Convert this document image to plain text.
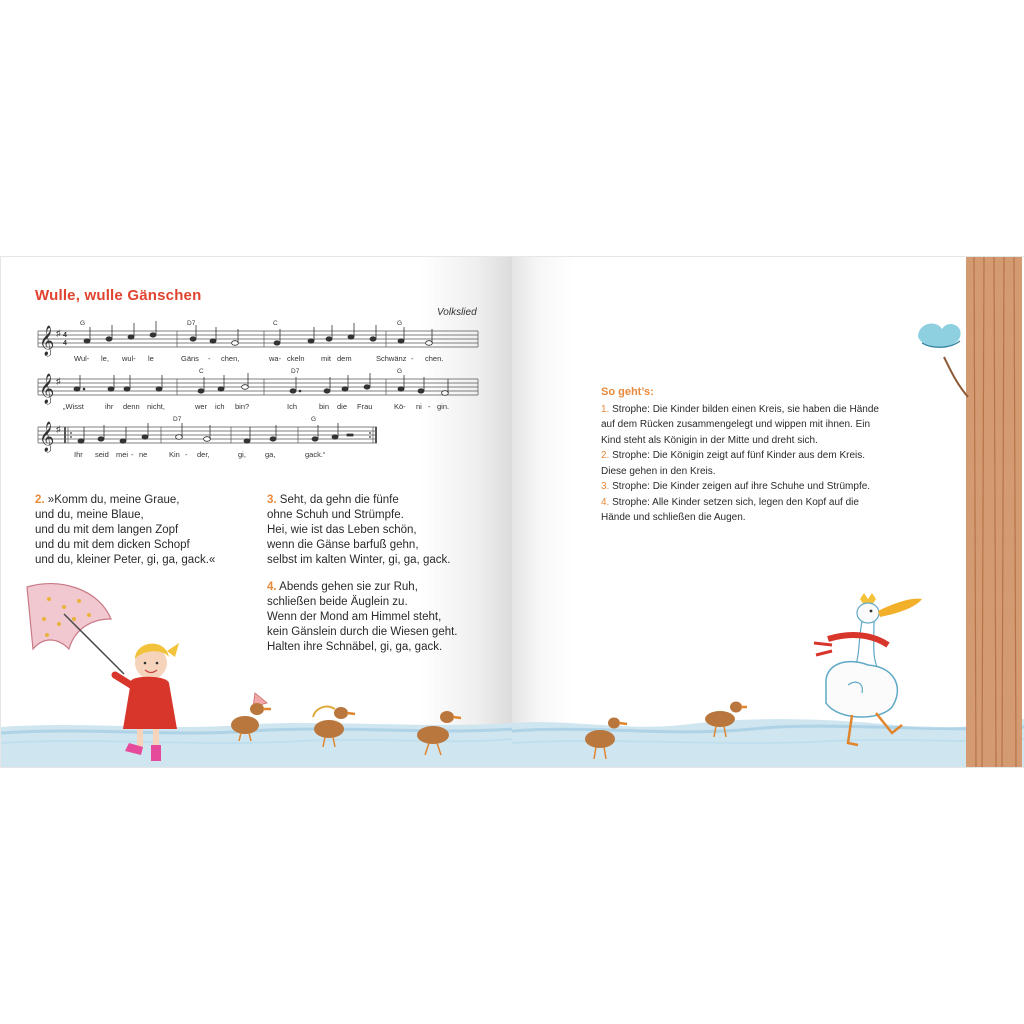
Wulle, wulle Gänschen
Volkslied
𝄞 ♯ 4
4
G	D7	C	G
Wul- le, wul- le	Gäns - chen,	wa- ckeln mit dem	Schwänz - chen.
𝄞 ♯
C	D7	G
„Wisst	ihr denn nicht,	wer ich bin?	Ich	bin die Frau	Kö- ni - gin.
𝄞 ♯
D7	G
Ihr seid mei - ne	Kin - der,	gi,	ga,	gack.“
2. »Komm du, meine Graue,
und du, meine Blaue,
und du mit dem langen Zopf
und du mit dem dicken Schopf
und du, kleiner Peter, gi, ga, gack.«
3. Seht, da gehn die fünfe
ohne Schuh und Strümpfe.
Hei, wie ist das Leben schön,
wenn die Gänse barfuß gehn,
selbst im kalten Winter, gi, ga, gack.
4. Abends gehen sie zur Ruh,
schließen beide Äuglein zu.
Wenn der Mond am Himmel steht,
kein Gänslein durch die Wiesen geht.
Halten ihre Schnäbel, gi, ga, gack.
So geht’s:
1. Strophe: Die Kinder bilden einen Kreis, sie haben die Hände
auf dem Rücken zusammengelegt und wippen mit ihnen. Ein
Kind steht als Königin in der Mitte und dreht sich.
2. Strophe: Die Königin zeigt auf fünf Kinder aus dem Kreis.
Diese gehen in den Kreis.
3. Strophe: Die Kinder zeigen auf ihre Schuhe und Strümpfe.
4. Strophe: Alle Kinder setzen sich, legen den Kopf auf die
Hände und schließen die Augen.
